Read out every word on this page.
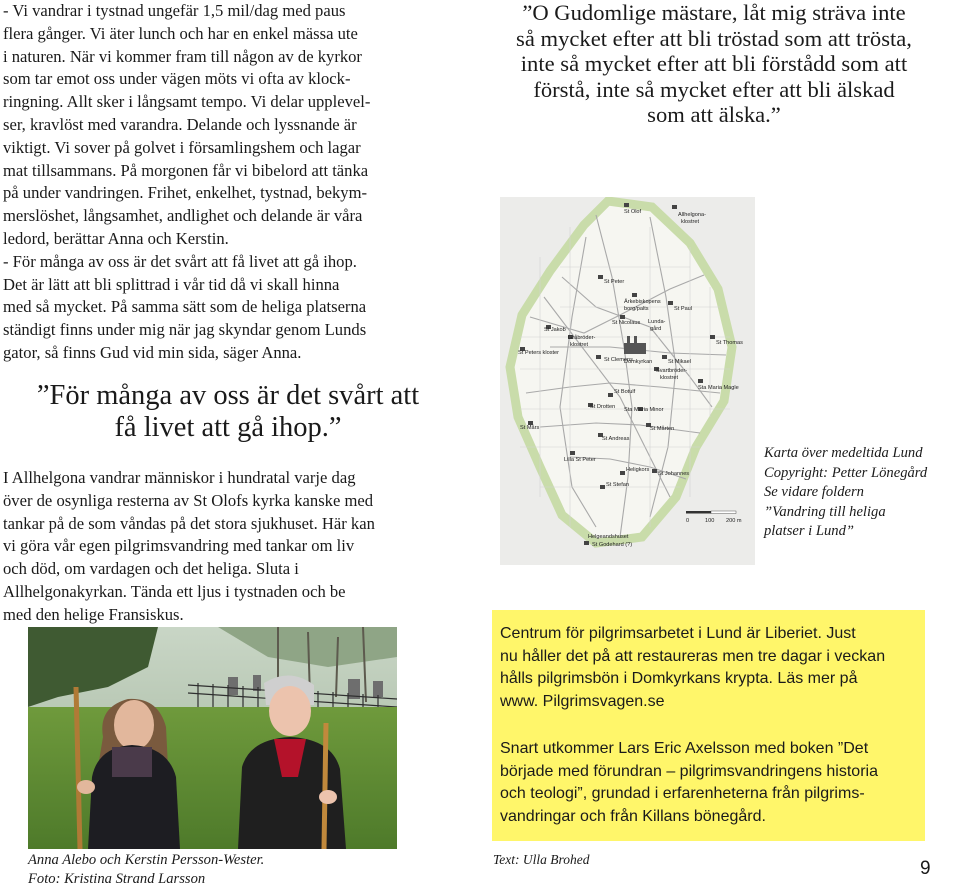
- Vi vandrar i tystnad ungefär 1,5 mil/dag med paus

flera gånger. Vi äter lunch och har en enkel mässa ute

i naturen. När vi kommer fram till någon av de kyrkor

som tar emot oss under vägen möts vi ofta av klock-

ringning. Allt sker i långsamt tempo. Vi delar upplevel-

ser, kravlöst med varandra. Delande och lyssnande är

viktigt. Vi sover på golvet i församlingshem och lagar

mat tillsammans. På morgonen får vi bibelord att tänka

på under vandringen. Frihet, enkelhet, tystnad, bekym-

merslöshet, långsamhet, andlighet och delande är våra

ledord, berättar Anna och Kerstin.

- För många av oss är det svårt att få livet att gå ihop.

Det är lätt att bli splittrad i vår tid då vi skall hinna

med så mycket. På samma sätt som de heliga platserna

ständigt finns under mig när jag skyndar genom Lunds

gator, så finns Gud vid min sida, säger Anna.

”För många av oss är det svårt att
få livet att gå ihop.”

I Allhelgona vandrar människor i hundratal varje dag

över de osynliga resterna av St Olofs kyrka kanske med

tankar på de som våndas på det stora sjukhuset. Här kan

vi göra vår egen pilgrimsvandring med tankar om liv

och död, om vardagen och det heliga. Sluta i

Allhelgonakyrkan. Tända ett ljus i tystnaden och be

med den helige Fransiskus.

”O Gudomlige mästare, låt mig sträva inte
så mycket efter att bli tröstad som att trösta,
inte så mycket efter att bli förstådd som att
förstå, inte så mycket efter att bli älskad
som att älska.”
St Olof	Allhelgona-
klostret
St Peter
Ärkebiskopens
borg/palts	St Paul
St Nicolaus Lunda-
gård
St Jakob
Gråbröder-
klostret	St Thomas
St Peters kloster
St Clemens
Domkyrkan	St Mikael
Svartbröder-
klostret
Sta Maria Magle
St Botulf
St Drotten Sta Maria Minor
St Mårs	St Mårten
St Andreas
Lilla St Peter
St Johannes
Heligkors
St Stefan
Helgeandshuset
St Godehard (?)
0	100 200 m
Karta över medeltida Lund
Copyright: Petter Lönegård
Se vidare foldern
”Vandring till heliga
platser i Lund”
Centrum för pilgrimsarbetet i Lund är Liberiet. Just
nu håller det på att restaureras men tre dagar i veckan
hålls pilgrimsbön i Domkyrkans krypta. Läs mer på
www. Pilgrimsvagen.se
Snart utkommer Lars Eric Axelsson med boken ”Det
började med förundran – pilgrimsvandringens historia
och teologi”, grundad i erfarenheterna från pilgrims-
vandringar och från Killans bönegård.
Anna Alebo och Kerstin Persson-Wester.
Foto: Kristina Strand Larsson
Text: Ulla Brohed	9
